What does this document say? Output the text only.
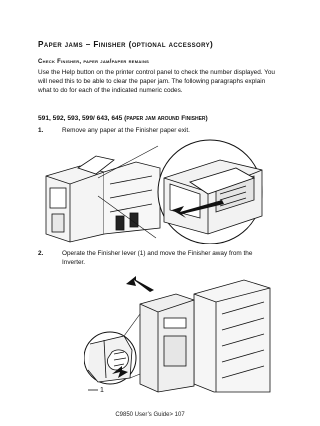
Paper jams – Finisher (optional accessory)
Check Finisher, paper jam/paper remains

Use the Help button on the printer control panel to check the number displayed. You will need this to be able to clear the paper jam. The following paragraphs explain what to do for each of the indicated numeric codes.

591, 592, 593, 599/ 643, 645 (paper jam around Finisher)
1.	Remove any paper at the Finisher paper exit.
2.	Operate the Finisher lever (1) and move the Finisher away from the Inverter.
1
C9850 User’s Guide> 107
